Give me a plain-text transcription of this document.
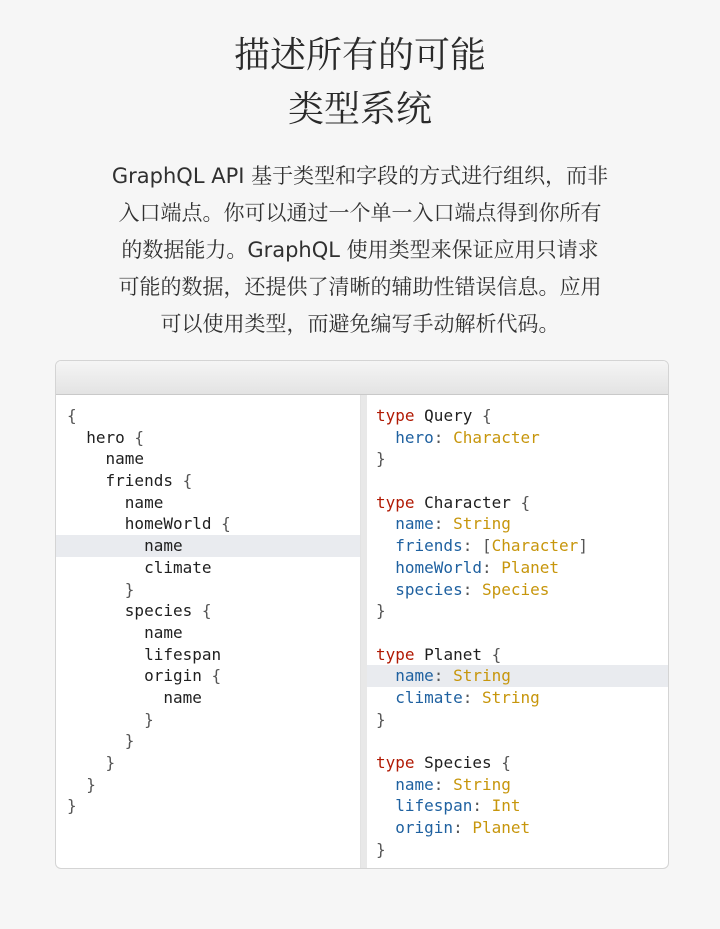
描述所有的可能
类型系统
GraphQL API 基于类型和字段的方式进行组织，而非
入口端点。你可以通过一个单一入口端点得到你所有
的数据能力。GraphQL 使用类型来保证应用只请求
可能的数据，还提供了清晰的辅助性错误信息。应用
可以使用类型，而避免编写手动解析代码。
{
hero {
name
friends {
name
homeWorld {
name
climate
}
species {
name
lifespan
origin {
name
}
}
}
}
}
type Query {
hero: Character
}

type Character {
name: String
friends: [Character]
homeWorld: Planet
species: Species
}

type Planet {
name: String
climate: String
}

type Species {
name: String
lifespan: Int
origin: Planet
}
